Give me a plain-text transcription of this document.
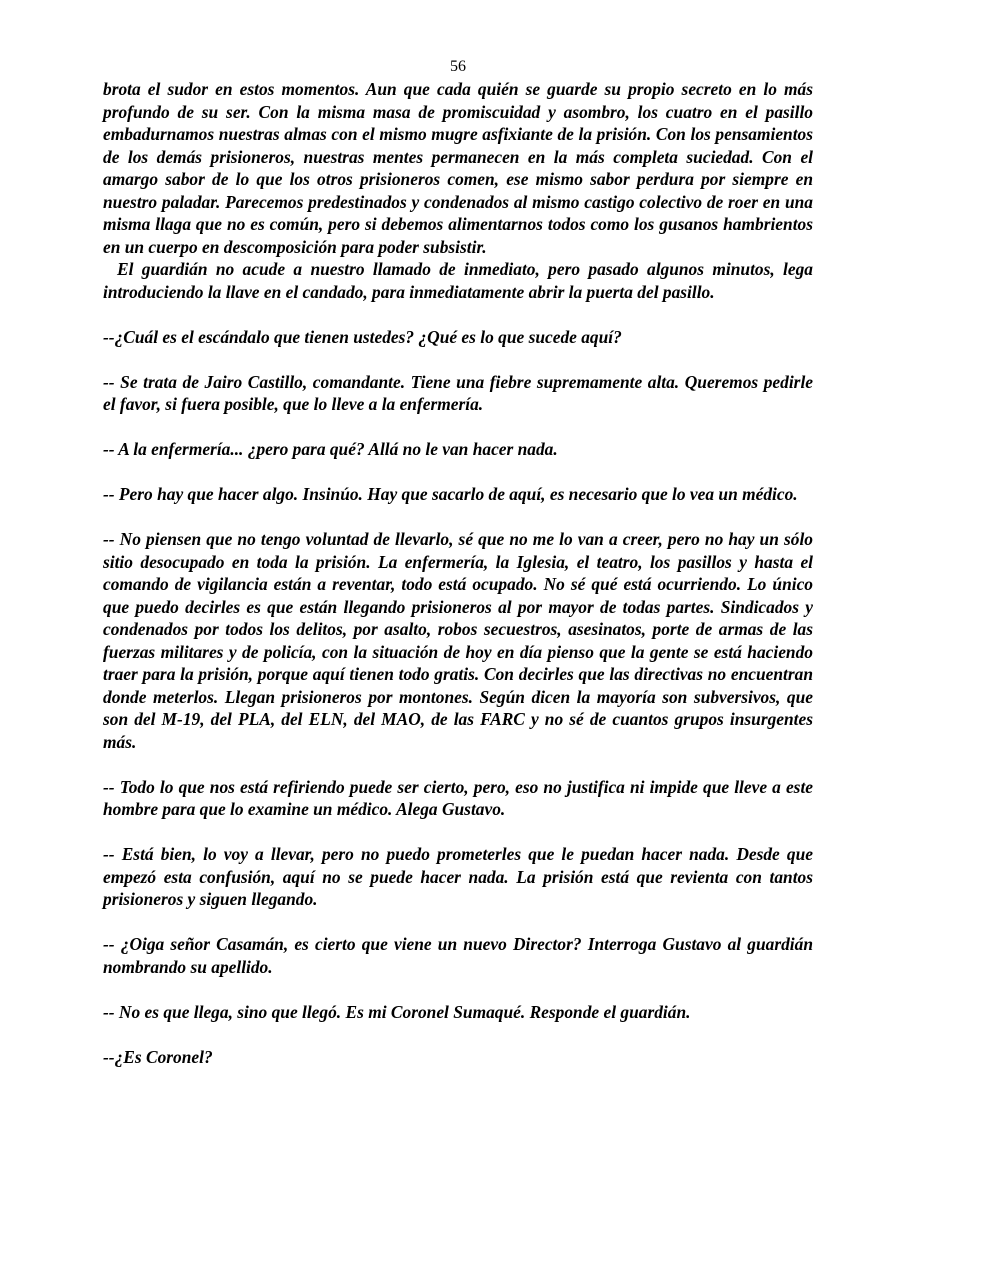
56

brota el sudor en estos momentos. Aun que cada quién se guarde su propio secreto en lo más profundo de su ser. Con la misma masa de promiscuidad y asombro, los cuatro en el pasillo embadurnamos nuestras almas con el mismo mugre asfixiante de la prisión. Con los pensamientos de los demás prisioneros, nuestras mentes permanecen en la más completa suciedad. Con el amargo sabor de lo que los otros prisioneros comen, ese mismo sabor perdura por siempre en nuestro paladar. Parecemos predestinados y condenados al mismo castigo colectivo de roer en una misma llaga que no es común, pero si debemos alimentarnos todos como los gusanos hambrientos en un cuerpo en descomposición para poder subsistir.

El guardián no acude a nuestro llamado de inmediato, pero pasado algunos minutos, lega introduciendo la llave en el candado, para inmediatamente abrir la puerta del pasillo.

--¿Cuál es el escándalo que tienen ustedes? ¿Qué es lo que sucede aquí?

-- Se trata de Jairo Castillo, comandante. Tiene una fiebre supremamente alta. Queremos pedirle el favor, si fuera posible, que lo lleve a la enfermería.

-- A la enfermería... ¿pero para qué? Allá no le van hacer nada.

-- Pero hay que hacer algo. Insinúo. Hay que sacarlo de aquí, es necesario que lo vea un médico.

-- No piensen que no tengo voluntad de llevarlo, sé que no me lo van a creer, pero no hay un sólo sitio desocupado en toda la prisión. La enfermería, la Iglesia, el teatro, los pasillos y hasta el comando de vigilancia están a reventar, todo está ocupado. No sé qué está ocurriendo. Lo único que puedo decirles es que están llegando prisioneros al por mayor de todas partes. Sindicados y condenados por todos los delitos, por asalto, robos secuestros, asesinatos, porte de armas de las fuerzas militares y de policía, con la situación de hoy en día pienso que la gente se está haciendo traer para la prisión, porque aquí tienen todo gratis. Con decirles que las directivas no encuentran donde meterlos. Llegan prisioneros por montones. Según dicen la mayoría son subversivos, que son del M-19, del PLA, del ELN, del MAO, de las FARC y no sé de cuantos grupos insurgentes más.

-- Todo lo que nos está refiriendo puede ser cierto, pero, eso no justifica ni impide que lleve a este hombre para que lo examine un médico. Alega Gustavo.

-- Está bien, lo voy a llevar, pero no puedo prometerles que le puedan hacer nada. Desde que empezó esta confusión, aquí no se puede hacer nada. La prisión está que revienta con tantos prisioneros y siguen llegando.

-- ¿Oiga señor Casamán, es cierto que viene un nuevo Director? Interroga Gustavo al guardián nombrando su apellido.

-- No es que llega, sino que llegó. Es mi Coronel Sumaqué. Responde el guardián.

--¿Es Coronel?
